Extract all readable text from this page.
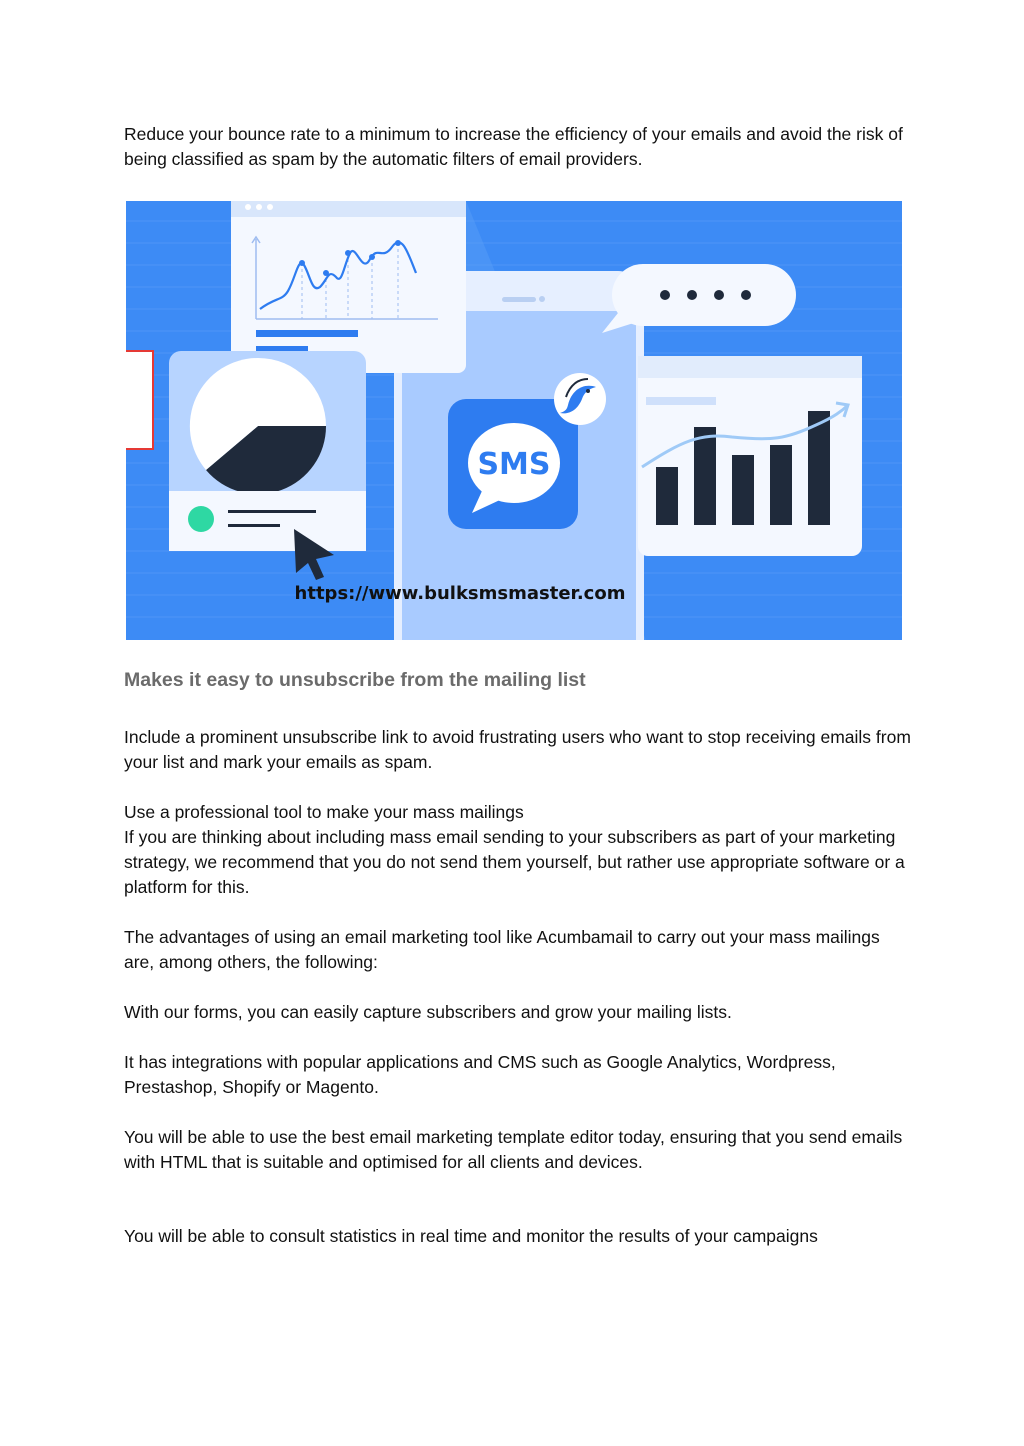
Reduce your bounce rate to a minimum to increase the efficiency of your emails and avoid the risk of being classified as spam by the automatic filters of email providers.

SMS
https://www.bulksmsmaster.com
Makes it easy to unsubscribe from the mailing list

Include a prominent unsubscribe link to avoid frustrating users who want to stop receiving emails from your list and mark your emails as spam.

Use a professional tool to make your mass mailings

If you are thinking about including mass email sending to your subscribers as part of your marketing strategy, we recommend that you do not send them yourself, but rather use appropriate software or a platform for this.

The advantages of using an email marketing tool like Acumbamail to carry out your mass mailings are, among others, the following:

With our forms, you can easily capture subscribers and grow your mailing lists.

It has integrations with popular applications and CMS such as Google Analytics, Wordpress, Prestashop, Shopify or Magento.

You will be able to use the best email marketing template editor today, ensuring that you send emails with HTML that is suitable and optimised for all clients and devices.

You will be able to consult statistics in real time and monitor the results of your campaigns
